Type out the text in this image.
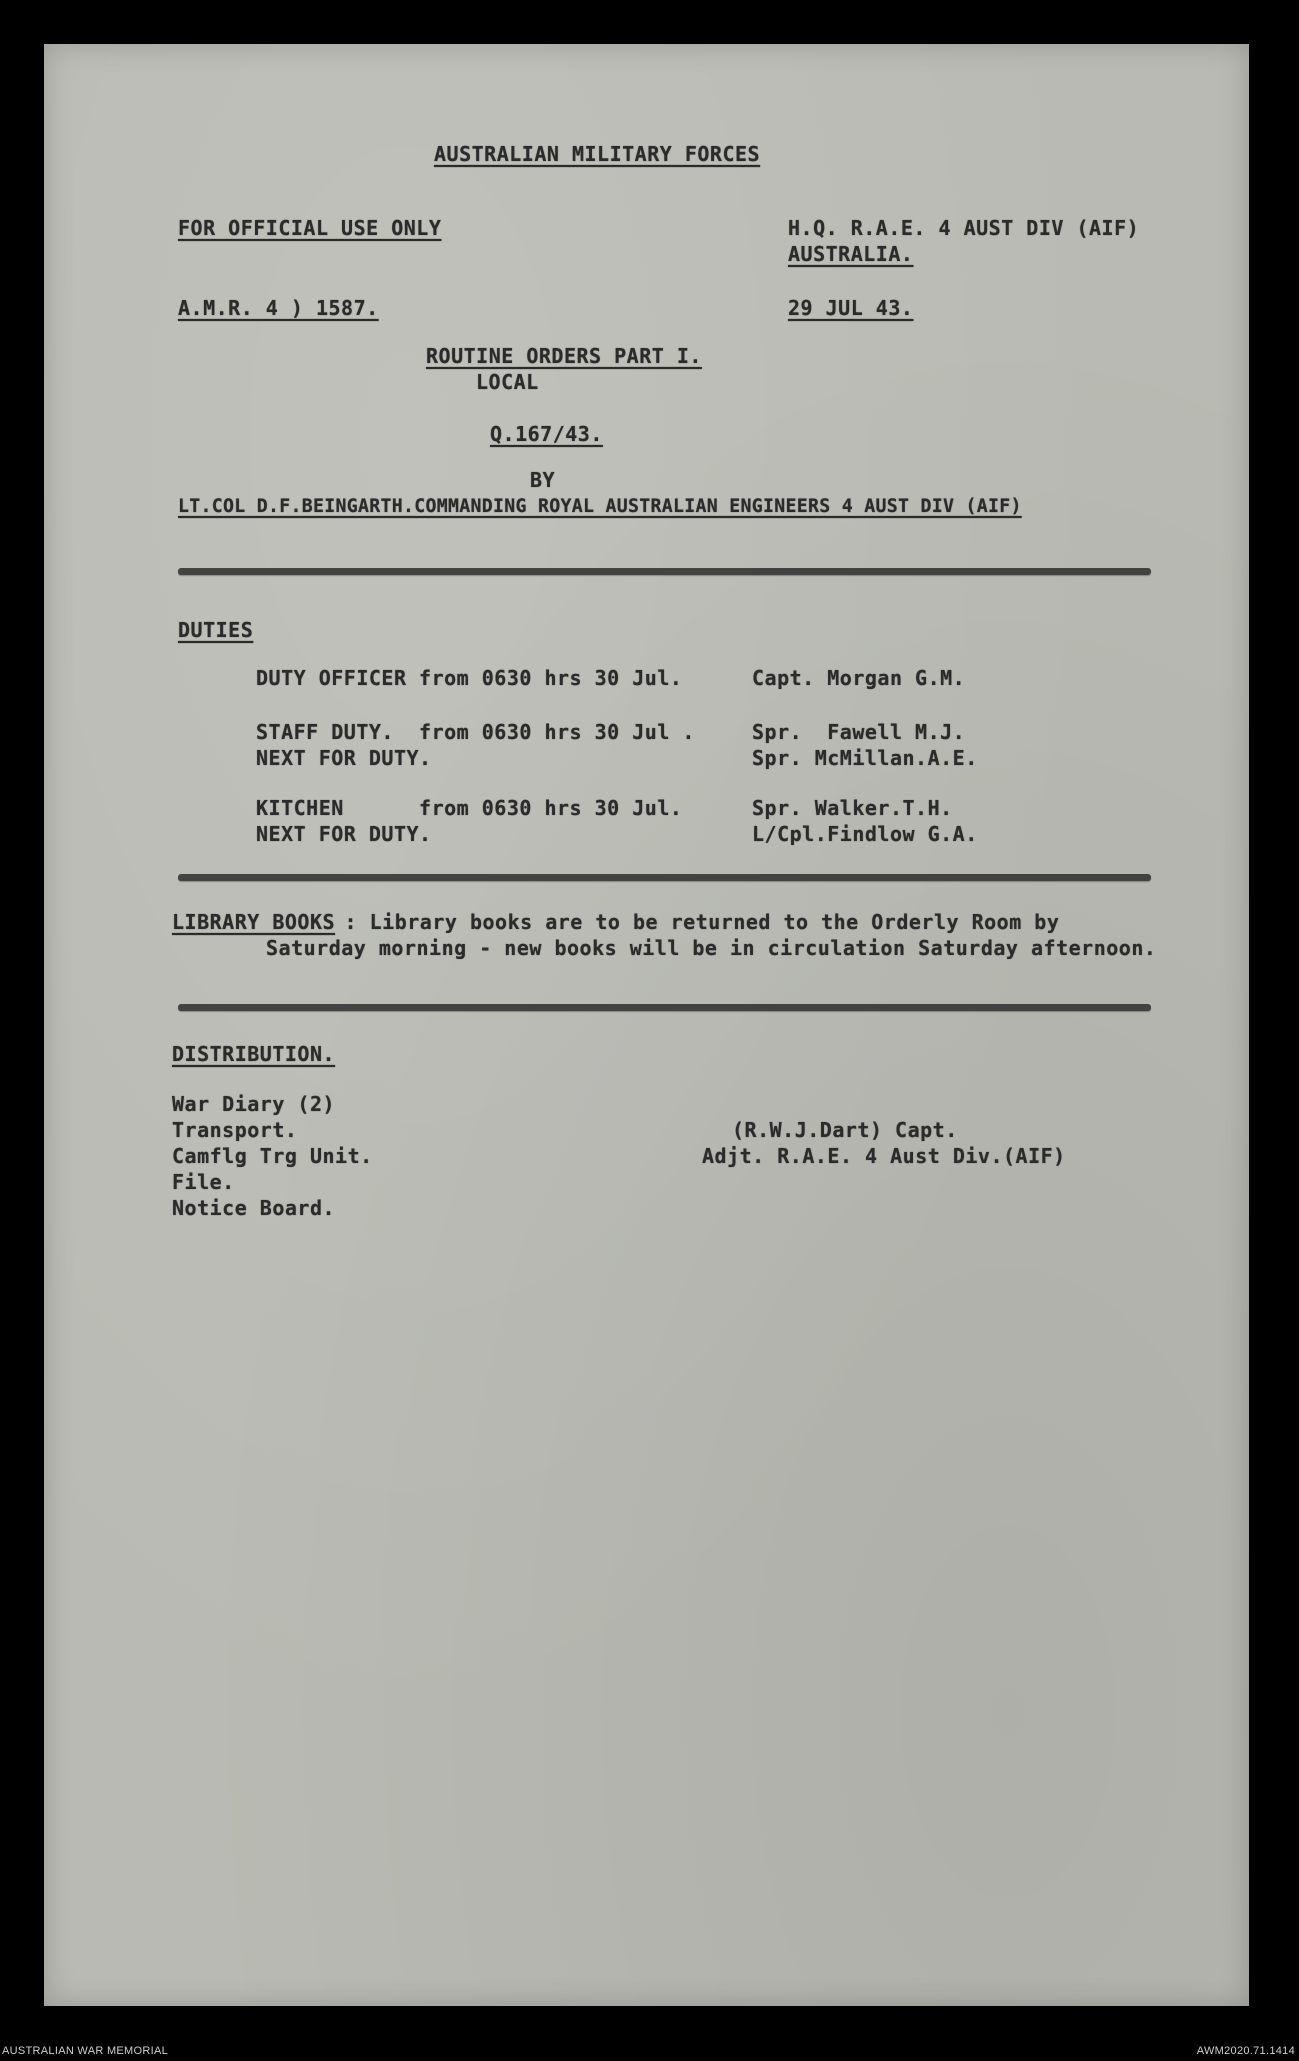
AUSTRALIAN MILITARY FORCES
FOR OFFICIAL USE ONLY	H.Q. R.A.E. 4 AUST DIV (AIF)
AUSTRALIA.
A.M.R. 4 ) 1587.	29 JUL 43.
ROUTINE ORDERS PART I.
LOCAL
Q.167/43.
BY
LT.COL D.F.BEINGARTH.COMMANDING ROYAL AUSTRALIAN ENGINEERS 4 AUST DIV (AIF)
DUTIES
DUTY OFFICER from 0630 hrs 30 Jul.	Capt. Morgan G.M.
STAFF DUTY.  from 0630 hrs 30 Jul .	Spr.  Fawell M.J.
NEXT FOR DUTY.	Spr. McMillan.A.E.
KITCHEN      from 0630 hrs 30 Jul.	Spr. Walker.T.H.
NEXT FOR DUTY.	L/Cpl.Findlow G.A.
LIBRARY BOOKS
: Library books are to be returned to the Orderly Room by
Saturday morning - new books will be in circulation Saturday afternoon.
DISTRIBUTION.
War Diary (2)
Transport.
Camflg Trg Unit.
File.
Notice Board.
(R.W.J.Dart) Capt.
Adjt. R.A.E. 4 Aust Div.(AIF)
AUSTRALIAN WAR MEMORIAL	AWM2020.71.1414
